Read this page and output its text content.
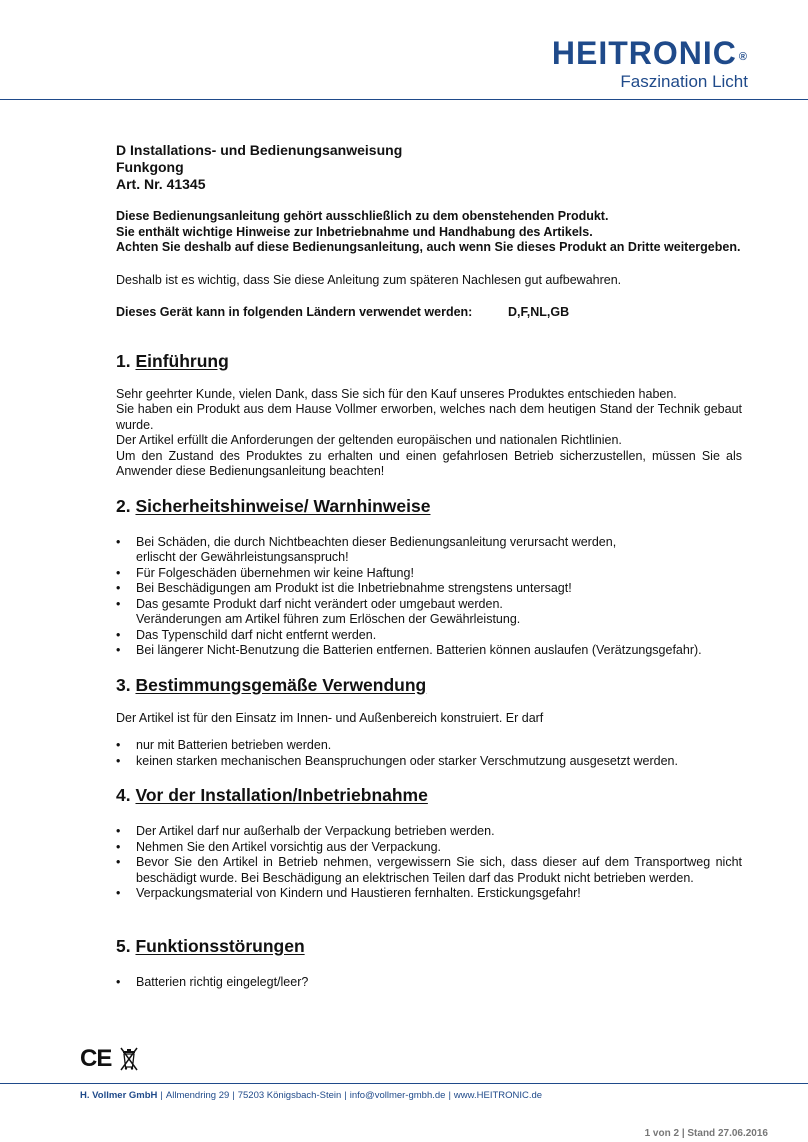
HEITRONIC ®
Faszination Licht
D Installations- und Bedienungsanweisung
Funkgong
Art. Nr. 41345
Diese Bedienungsanleitung gehört ausschließlich zu dem obenstehenden Produkt.
Sie enthält wichtige Hinweise zur Inbetriebnahme und Handhabung des Artikels.
Achten Sie deshalb auf diese Bedienungsanleitung, auch wenn Sie dieses Produkt an Dritte weitergeben.
Deshalb ist es wichtig, dass Sie diese Anleitung zum späteren Nachlesen gut aufbewahren.
Dieses Gerät kann in folgenden Ländern verwendet werden:	D,F,NL,GB
1. Einführung
Sehr geehrter Kunde, vielen Dank, dass Sie sich für den Kauf unseres Produktes entschieden haben.
Sie haben ein Produkt aus dem Hause Vollmer erworben, welches nach dem heutigen Stand der Technik gebaut wurde.
Der Artikel erfüllt die Anforderungen der geltenden europäischen und nationalen Richtlinien.
Um den Zustand des Produktes zu erhalten und einen gefahrlosen Betrieb sicherzustellen, müssen Sie als Anwender diese Bedienungsanleitung beachten!
2. Sicherheitshinweise/ Warnhinweise
• Bei Schäden, die durch Nichtbeachten dieser Bedienungsanleitung verursacht werden,
erlischt der Gewährleistungsanspruch!
• Für Folgeschäden übernehmen wir keine Haftung!
• Bei Beschädigungen am Produkt ist die Inbetriebnahme strengstens untersagt!
• Das gesamte Produkt darf nicht verändert oder umgebaut werden.
Veränderungen am Artikel führen zum Erlöschen der Gewährleistung.
• Das Typenschild darf nicht entfernt werden.
• Bei längerer Nicht-Benutzung die Batterien entfernen. Batterien können auslaufen (Verätzungsgefahr).
3. Bestimmungsgemäße Verwendung
Der Artikel ist für den Einsatz im Innen- und Außenbereich konstruiert. Er darf
• nur mit Batterien betrieben werden.
• keinen starken mechanischen Beanspruchungen oder starker Verschmutzung ausgesetzt werden.
4. Vor der Installation/Inbetriebnahme
• Der Artikel darf nur außerhalb der Verpackung betrieben werden.
• Nehmen Sie den Artikel vorsichtig aus der Verpackung.
• Bevor Sie den Artikel in Betrieb nehmen, vergewissern Sie sich, dass dieser auf dem Transportweg nicht beschädigt wurde. Bei Beschädigung an elektrischen Teilen darf das Produkt nicht betrieben werden.
• Verpackungsmaterial von Kindern und Haustieren fernhalten. Erstickungsgefahr!
5. Funktionsstörungen
• Batterien richtig eingelegt/leer?
CE
H. Vollmer GmbH | Allmendring 29 | 75203 Königsbach-Stein | info@vollmer-gmbh.de | www.HEITRONIC.de
1 von 2 | Stand 27.06.2016
